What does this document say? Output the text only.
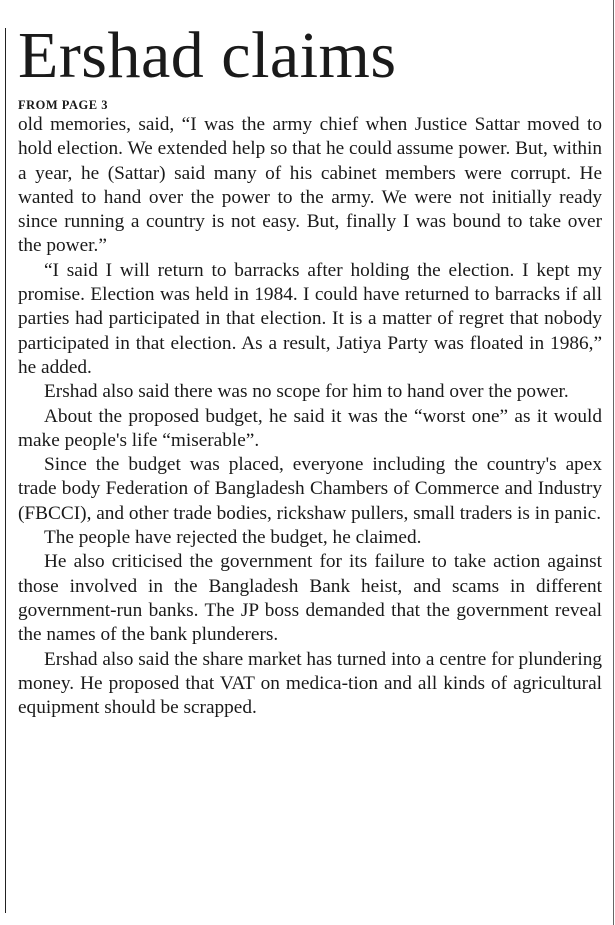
Ershad claims
FROM PAGE 3

old memories, said, “I was the army chief when Justice Sattar moved to hold election. We extended help so that he could assume power. But, within a year, he (Sattar) said many of his cabinet members were corrupt. He wanted to hand over the power to the army. We were not initially ready since running a country is not easy. But, finally I was bound to take over the power.”

“I said I will return to barracks after holding the election. I kept my promise. Election was held in 1984. I could have returned to barracks if all parties had participated in that election. It is a matter of regret that nobody participated in that election. As a result, Jatiya Party was floated in 1986,” he added.

Ershad also said there was no scope for him to hand over the power.

About the proposed budget, he said it was the “worst one” as it would make people's life “miserable”.

Since the budget was placed, everyone including the country's apex trade body Federation of Bangladesh Chambers of Commerce and Industry (FBCCI), and other trade bodies, rickshaw pullers, small traders is in panic.

The people have rejected the budget, he claimed.

He also criticised the government for its failure to take action against those involved in the Bangladesh Bank heist, and scams in different government-run banks. The JP boss demanded that the government reveal the names of the bank plunderers.

Ershad also said the share market has turned into a centre for plundering money. He proposed that VAT on medica-tion and all kinds of agricultural equipment should be scrapped.
